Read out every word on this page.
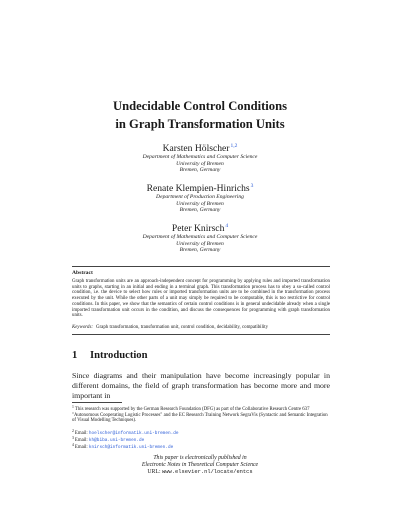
Undecidable Control Conditions
in Graph Transformation Units
Karsten Hölscher$^{1,2}$
Department of Mathematics and Computer Science
University of Bremen
Bremen, Germany
Renate Klempien-Hinrichs$^3$
Department of Production Engineering
University of Bremen
Bremen, Germany
Peter Knirsch$^4$
Department of Mathematics and Computer Science
University of Bremen
Bremen, Germany
Abstract
Graph transformation units are an approach-independent concept for programming by applying rules and imported transformation units to graphs, starting in an initial and ending in a terminal graph. This transformation process has to obey a so-called control condition, i.e. the device to select how rules or imported transformation units are to be combined in the transformation process executed by the unit. While the other parts of a unit may simply be required to be computable, this is too restrictive for control conditions. In this paper, we show that the semantics of certain control conditions is in general undecidable already when a single imported transformation unit occurs in the condition, and discuss the consequences for programming with graph transformation units.
Keywords: Graph transformation, transformation unit, control condition, decidability, compatibility
1 Introduction
Since diagrams and their manipulation have become increasingly popular in different domains, the field of graph transformation has become more and more important in
$^1$This research was supported by the German Research Foundation (DFG) as part of the Collaborative Research Centre 637 "Autonomous Cooperating Logistic Processes" and the EC Research Training Network SegraVis (Syntactic and Semantic Integration of Visual Modelling Techniques).
$^2$Email: hoelscher@informatik.uni-bremen.de
$^3$Email: kh@biba.uni-bremen.de
$^4$Email: knirsch@informatik.uni-bremen.de
This paper is electronically published in
Electronic Notes in Theoretical Computer Science
URL: www.elsevier.nl/locate/entcs
